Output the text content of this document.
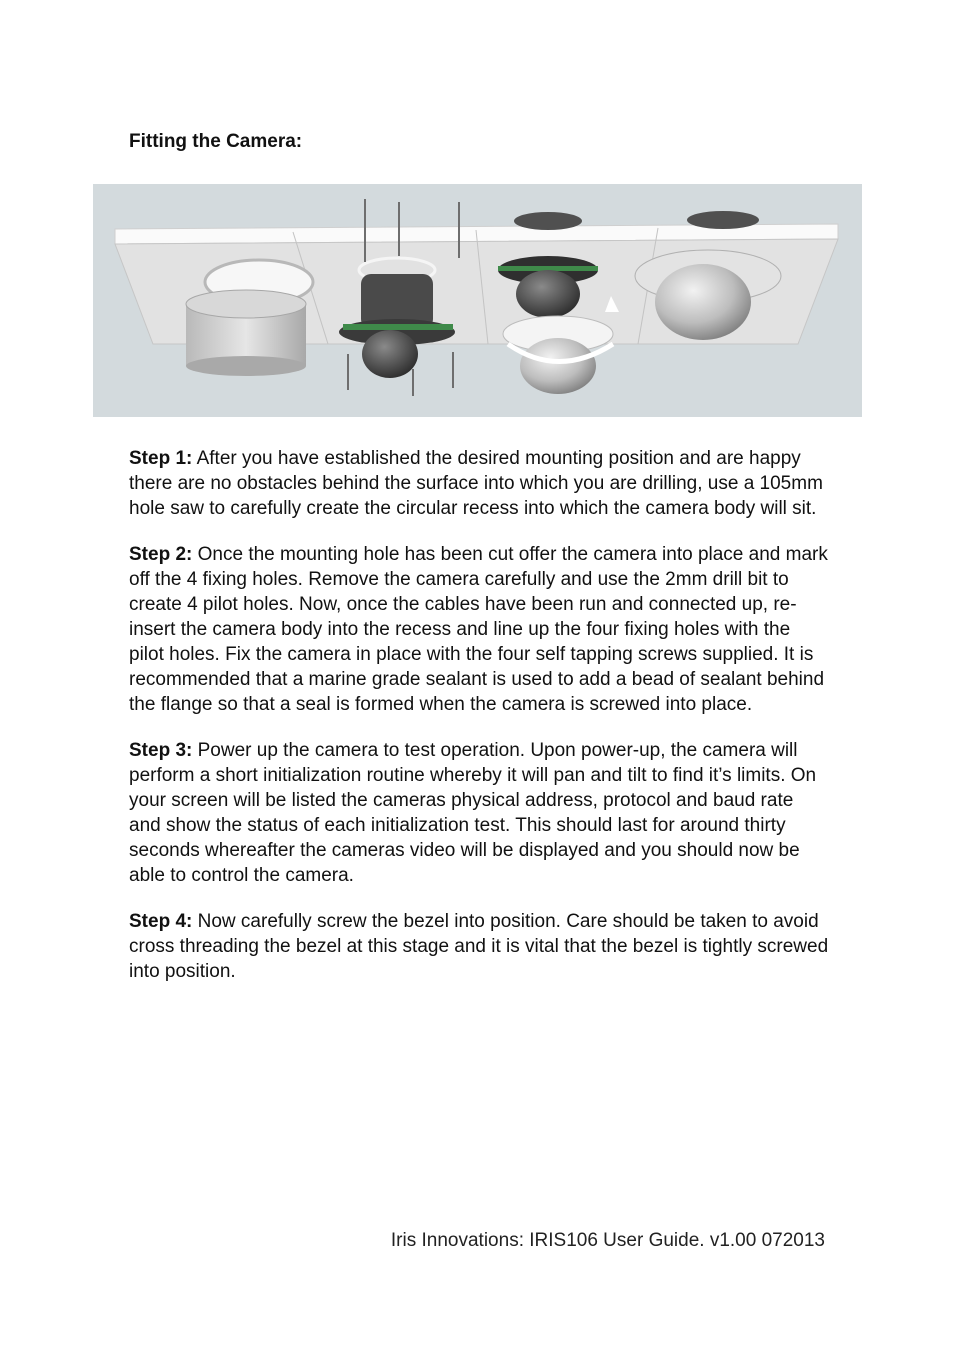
Fitting the Camera:

Step 1: After you have established the desired mounting position and are happy there are no obstacles behind the surface into which you are drilling, use a 105mm hole saw to carefully create the circular recess into which the camera body will sit.

Step 2: Once the mounting hole has been cut offer the camera into place and mark off the 4 fixing holes. Remove the camera carefully and use the 2mm drill bit to create 4 pilot holes. Now, once the cables have been run and connected up, re-insert the camera body into the recess and line up the four fixing holes with the pilot holes. Fix the camera in place with the four self tapping screws supplied. It is recommended that a marine grade sealant is used to add a bead of sealant behind the flange so that a seal is formed when the camera is screwed into place.

Step 3: Power up the camera to test operation. Upon power-up, the camera will perform a short initialization routine whereby it will pan and tilt to find it’s limits. On your screen will be listed the cameras physical address, protocol and baud rate and show the status of each initialization test. This should last for around thirty seconds whereafter the cameras video will be displayed and you should now be able to control the camera.

Step 4: Now carefully screw the bezel into position. Care should be taken to avoid cross threading the bezel at this stage and it is vital that the bezel is tightly screwed into position.

Iris Innovations: IRIS106 User Guide. v1.00 072013
